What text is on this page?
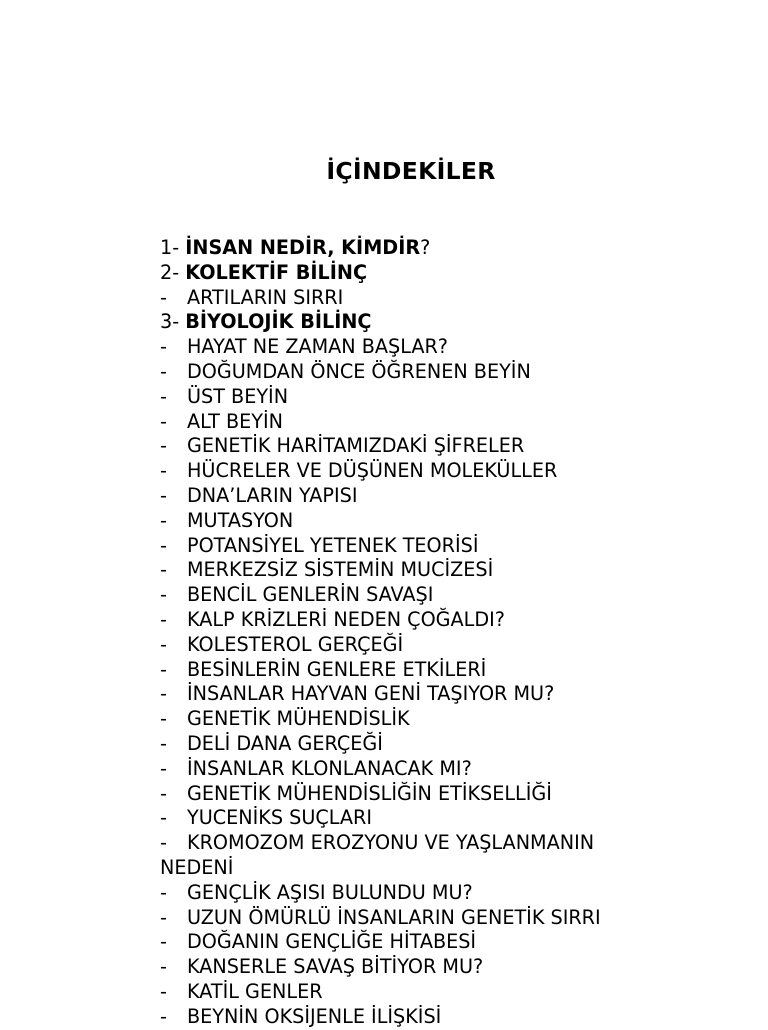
İÇİNDEKİLER
1- İNSAN NEDİR, KİMDİR?
2- KOLEKTİF BİLİNÇ
- ARTILARIN SIRRI
3- BİYOLOJİK BİLİNÇ
- HAYAT NE ZAMAN BAŞLAR?
- DOĞUMDAN ÖNCE ÖĞRENEN BEYİN
- ÜST BEYİN
- ALT BEYİN
- GENETİK HARİTAMIZDAKİ ŞİFRELER
- HÜCRELER VE DÜŞÜNEN MOLEKÜLLER
- DNA’LARIN YAPISI
- MUTASYON
- POTANSİYEL YETENEK TEORİSİ
- MERKEZSİZ SİSTEMİN MUCİZESİ
- BENCİL GENLERİN SAVAŞI
- KALP KRİZLERİ NEDEN ÇOĞALDI?
- KOLESTEROL GERÇEĞİ
- BESİNLERİN GENLERE ETKİLERİ
- İNSANLAR HAYVAN GENİ TAŞIYOR MU?
- GENETİK MÜHENDİSLİK
- DELİ DANA GERÇEĞİ
- İNSANLAR KLONLANACAK MI?
- GENETİK MÜHENDİSLİĞİN ETİKSELLİĞİ
- YUCENİKS SUÇLARI
- KROMOZOM EROZYONU VE YAŞLANMANIN
NEDENİ
- GENÇLİK AŞISI BULUNDU MU?
- UZUN ÖMÜRLÜ İNSANLARIN GENETİK SIRRI
- DOĞANIN GENÇLİĞE HİTABESİ
- KANSERLE SAVAŞ BİTİYOR MU?
- KATİL GENLER
- BEYNİN OKSİJENLE İLİŞKİSİ
